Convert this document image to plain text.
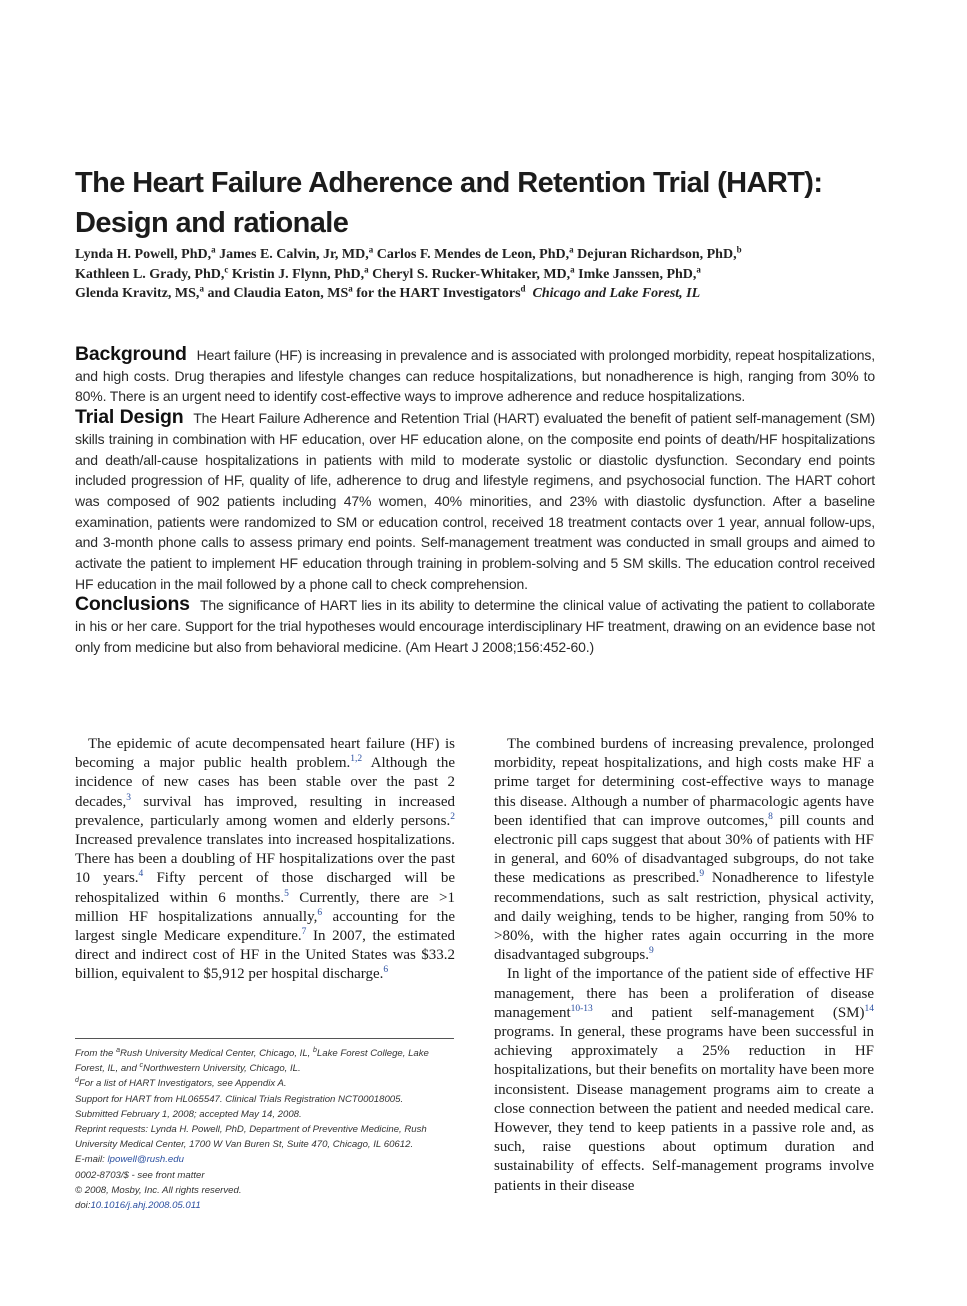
The Heart Failure Adherence and Retention Trial (HART): Design and rationale
Lynda H. Powell, PhD,$^a$ James E. Calvin, Jr, MD,$^a$ Carlos F. Mendes de Leon, PhD,$^a$ Dejuran Richardson, PhD,$^b$
Kathleen L. Grady, PhD,$^c$ Kristin J. Flynn, PhD,$^a$ Cheryl S. Rucker-Whitaker, MD,$^a$ Imke Janssen, PhD,$^a$
Glenda Kravitz, MS,$^a$ and Claudia Eaton, $MS^a$ for the HART Investigators$^d$ Chicago and Lake Forest, IL

Background Heart failure (HF) is increasing in prevalence and is associated with prolonged morbidity, repeat hospitalizations, and high costs. Drug therapies and lifestyle changes can reduce hospitalizations, but nonadherence is high, ranging from 30% to 80%. There is an urgent need to identify cost-effective ways to improve adherence and reduce hospitalizations.

Trial Design The Heart Failure Adherence and Retention Trial (HART) evaluated the benefit of patient self-management (SM) skills training in combination with HF education, over HF education alone, on the composite end points of death/HF hospitalizations and death/all-cause hospitalizations in patients with mild to moderate systolic or diastolic dysfunction. Secondary end points included progression of HF, quality of life, adherence to drug and lifestyle regimens, and psychosocial function. The HART cohort was composed of 902 patients including 47% women, 40% minorities, and 23% with diastolic dysfunction. After a baseline examination, patients were randomized to SM or education control, received 18 treatment contacts over 1 year, annual follow-ups, and 3-month phone calls to assess primary end points. Self-management treatment was conducted in small groups and aimed to activate the patient to implement HF education through training in problem-solving and 5 SM skills. The education control received HF education in the mail followed by a phone call to check comprehension.

Conclusions The significance of HART lies in its ability to determine the clinical value of activating the patient to collaborate in his or her care. Support for the trial hypotheses would encourage interdisciplinary HF treatment, drawing on an evidence base not only from medicine but also from behavioral medicine. (Am Heart J 2008;156:452-60.)

The epidemic of acute decompensated heart failure (HF) is becoming a major public health problem.$^{1,2}$ Although the incidence of new cases has been stable over the past 2 decades,$^3$ survival has improved, resulting in increased prevalence, particularly among women and elderly persons.$^2$ Increased prevalence translates into increased hospitalizations. There has been a doubling of HF hospitalizations over the past 10 years.$^4$ Fifty percent of those discharged will be rehospitalized within 6 months.$^5$ Currently, there are >1 million HF hospitalizations annually,$^6$ accounting for the largest single Medicare expenditure.$^7$ In 2007, the estimated direct and indirect cost of HF in the United States was $33.2 billion, equivalent to $5,912 per hospital discharge.$^6$

The combined burdens of increasing prevalence, prolonged morbidity, repeat hospitalizations, and high costs make HF a prime target for determining cost-effective ways to manage this disease. Although a number of pharmacologic agents have been identified that can improve outcomes,$^8$ pill counts and electronic pill caps suggest that about 30% of patients with HF in general, and 60% of disadvantaged subgroups, do not take these medications as prescribed.$^9$ Nonadherence to lifestyle recommendations, such as salt restriction, physical activity, and daily weighing, tends to be higher, ranging from 50% to >80%, with the higher rates again occurring in the more disadvantaged subgroups.$^9$

In light of the importance of the patient side of effective HF management, there has been a proliferation of disease management$^{10-13}$ and patient self-management (SM)$^{14}$ programs. In general, these programs have been successful in achieving approximately a 25% reduction in HF hospitalizations, but their benefits on mortality have been more inconsistent. Disease management programs aim to create a close connection between the patient and needed medical care. However, they tend to keep patients in a passive role and, as such, raise questions about optimum duration and sustainability of effects. Self-management programs involve patients in their disease

From the $^a$Rush University Medical Center, Chicago, IL, $^b$Lake Forest College, Lake Forest, IL, and $^c$Northwestern University, Chicago, IL.
$^d$For a list of HART Investigators, see Appendix A.
Support for HART from HL065547. Clinical Trials Registration NCT00018005.
Submitted February 1, 2008; accepted May 14, 2008.
Reprint requests: Lynda H. Powell, PhD, Department of Preventive Medicine, Rush University Medical Center, 1700 W Van Buren St, Suite 470, Chicago, IL 60612.
E-mail: lpowell@rush.edu
0002-8703/$ - see front matter
© 2008, Mosby, Inc. All rights reserved.
doi:10.1016/j.ahj.2008.05.011
